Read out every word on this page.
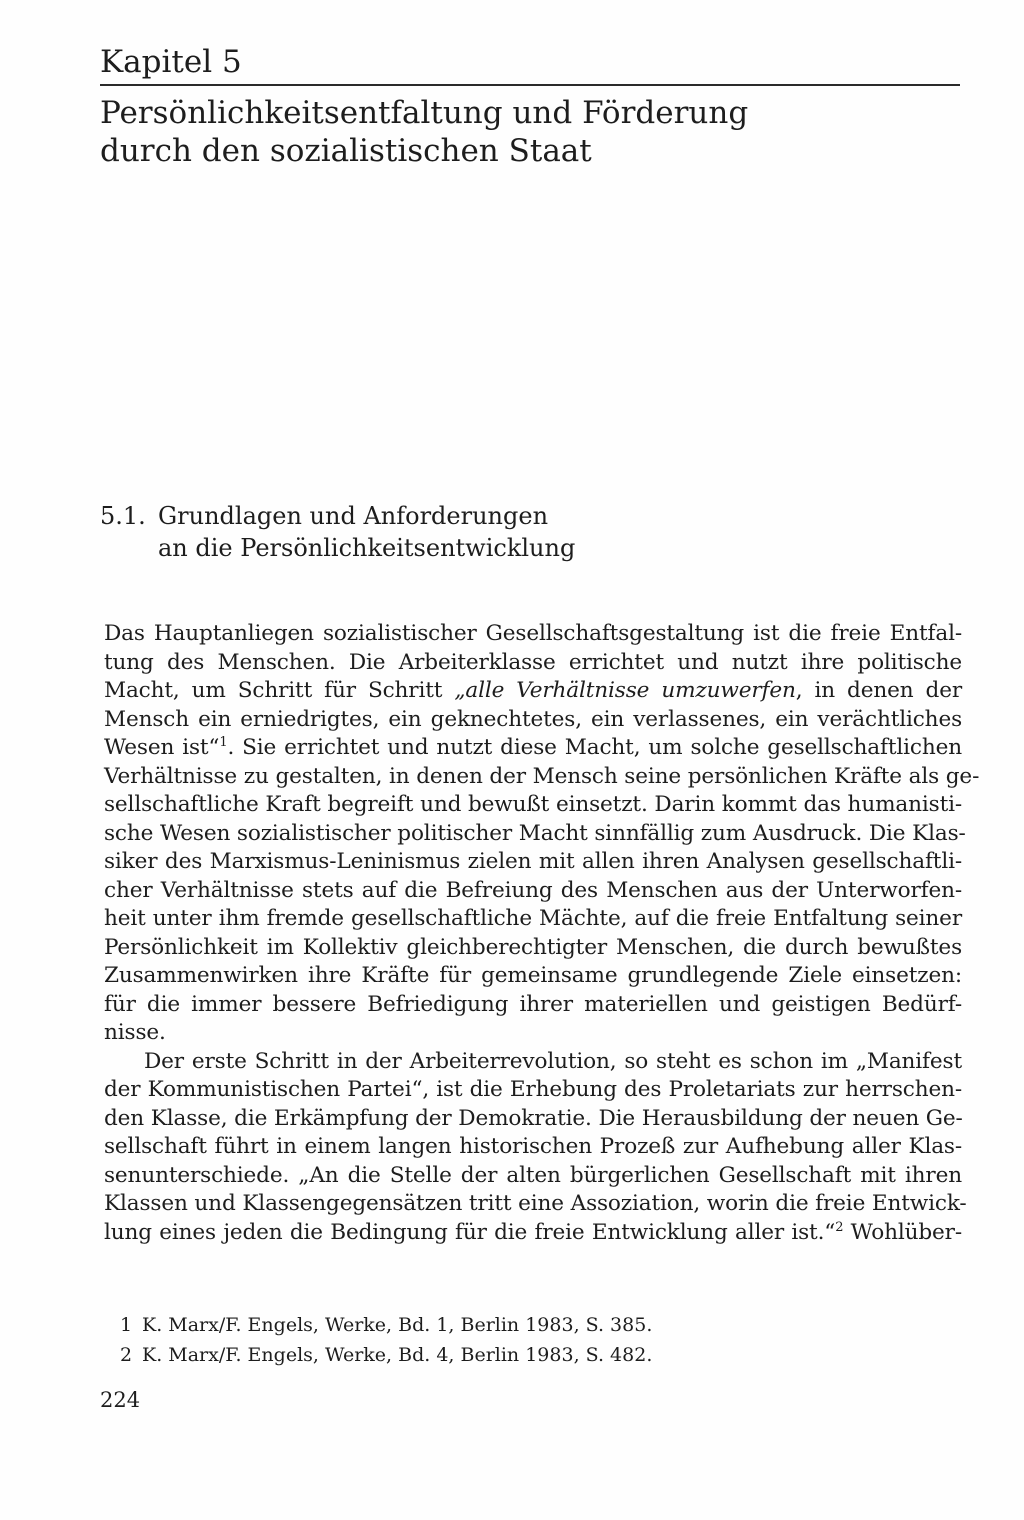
Kapitel 5
Persönlichkeitsentfaltung und Förderung
durch den sozialistischen Staat
5.1. Grundlagen und Anforderungen
an die Persönlichkeitsentwicklung
Das Hauptanliegen sozialistischer Gesellschaftsgestaltung ist die freie Entfal-
tung des Menschen. Die Arbeiterklasse errichtet und nutzt ihre politische
Macht, um Schritt für Schritt „alle Verhältnisse umzuwerfen, in denen der
Mensch ein erniedrigtes, ein geknechtetes, ein verlassenes, ein verächtliches
Wesen ist“$^1$. Sie errichtet und nutzt diese Macht, um solche gesellschaftlichen
Verhältnisse zu gestalten, in denen der Mensch seine persönlichen Kräfte als ge-
sellschaftliche Kraft begreift und bewußt einsetzt. Darin kommt das humanisti-
sche Wesen sozialistischer politischer Macht sinnfällig zum Ausdruck. Die Klas-
siker des Marxismus-Leninismus zielen mit allen ihren Analysen gesellschaftli-
cher Verhältnisse stets auf die Befreiung des Menschen aus der Unterworfen-
heit unter ihm fremde gesellschaftliche Mächte, auf die freie Entfaltung seiner
Persönlichkeit im Kollektiv gleichberechtigter Menschen, die durch bewußtes
Zusammenwirken ihre Kräfte für gemeinsame grundlegende Ziele einsetzen:
für die immer bessere Befriedigung ihrer materiellen und geistigen Bedürf-
nisse.
Der erste Schritt in der Arbeiterrevolution, so steht es schon im „Manifest
der Kommunistischen Partei“, ist die Erhebung des Proletariats zur herrschen-
den Klasse, die Erkämpfung der Demokratie. Die Herausbildung der neuen Ge-
sellschaft führt in einem langen historischen Prozeß zur Aufhebung aller Klas-
senunterschiede. „An die Stelle der alten bürgerlichen Gesellschaft mit ihren
Klassen und Klassengegensätzen tritt eine Assoziation, worin die freie Entwick-
lung eines jeden die Bedingung für die freie Entwicklung aller ist.“$^2$ Wohlüber-
1 K. Marx/F. Engels, Werke, Bd. 1, Berlin 1983, S. 385.
2 K. Marx/F. Engels, Werke, Bd. 4, Berlin 1983, S. 482.
224
